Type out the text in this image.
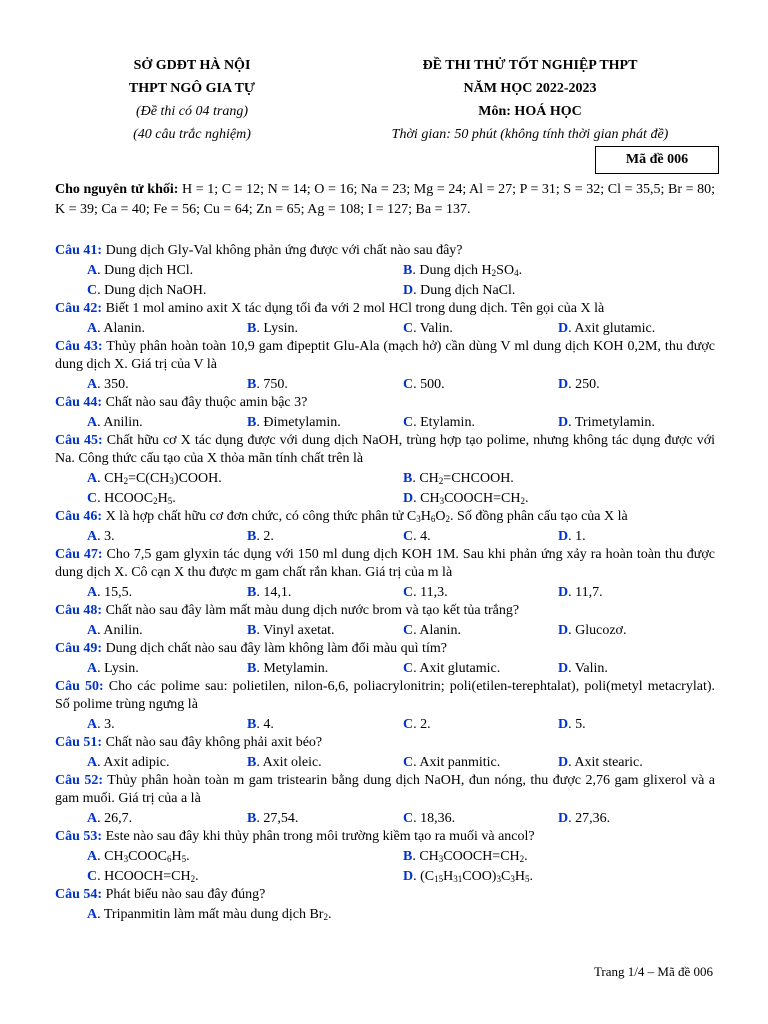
SỞ GDĐT HÀ NỘI
THPT NGÔ GIA TỰ
(Đề thi có 04 trang)
(40 câu trắc nghiệm)
ĐỀ THI THỬ TỐT NGHIỆP THPT
NĂM HỌC 2022-2023
Môn: HOÁ HỌC
Thời gian: 50 phút (không tính thời gian phát đề)
Mã đề 006
Cho nguyên tử khối: H = 1; C = 12; N = 14; O = 16; Na = 23; Mg = 24; Al = 27; P = 31; S = 32; Cl = 35,5; Br = 80; K = 39; Ca = 40; Fe = 56; Cu = 64; Zn = 65; Ag = 108; I = 127; Ba = 137.

Câu 41: Dung dịch Gly-Val không phản ứng được với chất nào sau đây?

A. Dung dịch HCl.	B. Dung dịch $H_2SO_4$.
C. Dung dịch NaOH.	D. Dung dịch NaCl.

Câu 42: Biết 1 mol amino axit X tác dụng tối đa với 2 mol HCl trong dung dịch. Tên gọi của X là

A. Alanin.	B. Lysin.	C. Valin.	D. Axit glutamic.

Câu 43: Thủy phân hoàn toàn 10,9 gam đipeptit Glu-Ala (mạch hở) cần dùng V ml dung dịch KOH 0,2M, thu được dung dịch X. Giá trị của V là

A. 350.	B. 750.	C. 500.	D. 250.

Câu 44: Chất nào sau đây thuộc amin bậc 3?

A. Anilin.	B. Đimetylamin.	C. Etylamin.	D. Trimetylamin.

Câu 45: Chất hữu cơ X tác dụng được với dung dịch NaOH, trùng hợp tạo polime, nhưng không tác dụng được với Na. Công thức cấu tạo của X thỏa mãn tính chất trên là

A. $CH_2=C(CH_3)COOH$.	B. $CH_2=CHCOOH$.
C. $HCOOC_2H_5$.	D. $CH_3COOCH=CH_2$.

Câu 46: X là hợp chất hữu cơ đơn chức, có công thức phân tử $C_3H_6O_2$. Số đồng phân cấu tạo của X là

A. 3.	B. 2.	C. 4.	D. 1.

Câu 47: Cho 7,5 gam glyxin tác dụng với 150 ml dung dịch KOH 1M. Sau khi phản ứng xảy ra hoàn toàn thu được dung dịch X. Cô cạn X thu được m gam chất rắn khan. Giá trị của m là

A. 15,5.	B. 14,1.	C. 11,3.	D. 11,7.

Câu 48: Chất nào sau đây làm mất màu dung dịch nước brom và tạo kết tủa trắng?

A. Anilin.	B. Vinyl axetat.	C. Alanin.	D. Glucozơ.

Câu 49: Dung dịch chất nào sau đây làm không làm đổi màu quì tím?

A. Lysin.	B. Metylamin.	C. Axit glutamic.	D. Valin.

Câu 50: Cho các polime sau: polietilen, nilon-6,6, poliacrylonitrin; poli(etilen-terephtalat), poli(metyl metacrylat). Số polime trùng ngưng là

A. 3.	B. 4.	C. 2.	D. 5.

Câu 51: Chất nào sau đây không phải axit béo?

A. Axit adipic.	B. Axit oleic.	C. Axit panmitic.	D. Axit stearic.

Câu 52: Thủy phân hoàn toàn m gam tristearin bằng dung dịch NaOH, đun nóng, thu được 2,76 gam glixerol và a gam muối. Giá trị của a là

A. 26,7.	B. 27,54.	C. 18,36.	D. 27,36.

Câu 53: Este nào sau đây khi thủy phân trong môi trường kiềm tạo ra muối và ancol?

A. $CH_3COOC_6H_5$.	B. $CH_3COOCH=CH_2$.
C. $HCOOCH=CH_2$.	D. $(C_{15}H_{31}COO)_3C_3H_5$.

Câu 54: Phát biểu nào sau đây đúng?

A. Tripanmitin làm mất màu dung dịch $Br_2$.
Trang 1/4 – Mã đề 006
